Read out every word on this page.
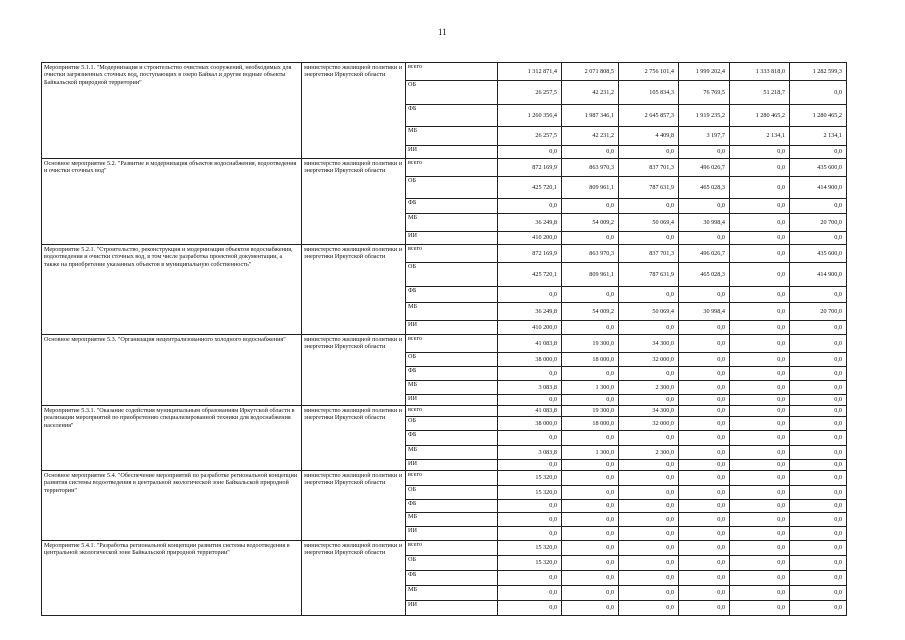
11
Мероприятие 5.1.1. "Модернизация и строительство очистных сооружений, необходимых для очистки загрязненных сточных вод, поступающих в озеро Байкал и другие водные объекты Байкальской природной территории"	министерство жилищной политики и энергетики Иркутской области	всего	1 312 871,4	2 071 808,5	2 756 101,4	1 999 202,4	1 333 818,0	1 282 599,3
		ОБ	26 257,5	42 231,2	105 834,3	76 769,5	51 218,7	0,0
		ФБ	1 260 356,4	1 987 346,1	2 645 857,3	1 919 235,2	1 280 465,2	1 280 465,2
		МБ	26 257,5	42 231,2	4 409,8	3 197,7	2 134,1	2 134,1
		ИИ	0,0	0,0	0,0	0,0	0,0	0,0
Основное мероприятие 5.2. "Развитие и модернизация объектов водоснабжения, водоотведения и очистки сточных вод"	министерство жилищной политики и энергетики Иркутской области	всего	872 169,9	863 970,3	837 701,3	496 026,7	0,0	435 600,0
		ОБ	425 720,1	809 961,1	787 631,9	465 028,3	0,0	414 900,0
		ФБ	0,0	0,0	0,0	0,0	0,0	0,0
		МБ	36 249,8	54 009,2	50 069,4	30 998,4	0,0	20 700,0
		ИИ	410 200,0	0,0	0,0	0,0	0,0	0,0
Мероприятие 5.2.1. "Строительство, реконструкция и модернизация объектов водоснабжения, водоотведения и очистки сточных вод, в том числе разработка проектной документации, а также на приобретение указанных объектов в муниципальную собственность"	министерство жилищной политики и энергетики Иркутской области	всего	872 169,9	863 970,3	837 701,3	496 026,7	0,0	435 600,0
		ОБ	425 720,1	809 961,1	787 631,9	465 028,3	0,0	414 900,0
		ФБ	0,0	0,0	0,0	0,0	0,0	0,0
		МБ	36 249,8	54 009,2	50 069,4	30 998,4	0,0	20 700,0
		ИИ	410 200,0	0,0	0,0	0,0	0,0	0,0
Основное мероприятие 5.3. "Организация нецентрализованного холодного водоснабжения"	министерство жилищной политики и энергетики Иркутской области	всего	41 083,8	19 300,0	34 300,0	0,0	0,0	0,0
		ОБ	38 000,0	18 000,0	32 000,0	0,0	0,0	0,0
		ФБ	0,0	0,0	0,0	0,0	0,0	0,0
		МБ	3 083,8	1 300,0	2 300,0	0,0	0,0	0,0
		ИИ	0,0	0,0	0,0	0,0	0,0	0,0
Мероприятие 5.3.1. "Оказание содействия муниципальным образованиям Иркутской области в реализации мероприятий по приобретению специализированной техники для водоснабжения населения"	министерство жилищной политики и энергетики Иркутской области	всего	41 083,8	19 300,0	34 300,0	0,0	0,0	0,0
		ОБ	38 000,0	18 000,0	32 000,0	0,0	0,0	0,0
		ФБ	0,0	0,0	0,0	0,0	0,0	0,0
		МБ	3 083,8	1 300,0	2 300,0	0,0	0,0	0,0
		ИИ	0,0	0,0	0,0	0,0	0,0	0,0
Основное мероприятие 5.4. "Обеспечение мероприятий по разработке региональной концепции развития системы водоотведения в центральной экологической зоне Байкальской природной территории"	министерство жилищной политики и энергетики Иркутской области	всего	15 320,0	0,0	0,0	0,0	0,0	0,0
		ОБ	15 320,0	0,0	0,0	0,0	0,0	0,0
		ФБ	0,0	0,0	0,0	0,0	0,0	0,0
		МБ	0,0	0,0	0,0	0,0	0,0	0,0
		ИИ	0,0	0,0	0,0	0,0	0,0	0,0
Мероприятие 5.4.1. "Разработка региональной концепции развития системы водоотведения в центральной экологической зоне Байкальской природной территории"	министерство жилищной политики и энергетики Иркутской области	всего	15 320,0	0,0	0,0	0,0	0,0	0,0
		ОБ	15 320,0	0,0	0,0	0,0	0,0	0,0
		ФБ	0,0	0,0	0,0	0,0	0,0	0,0
		МБ	0,0	0,0	0,0	0,0	0,0	0,0
		ИИ	0,0	0,0	0,0	0,0	0,0	0,0
